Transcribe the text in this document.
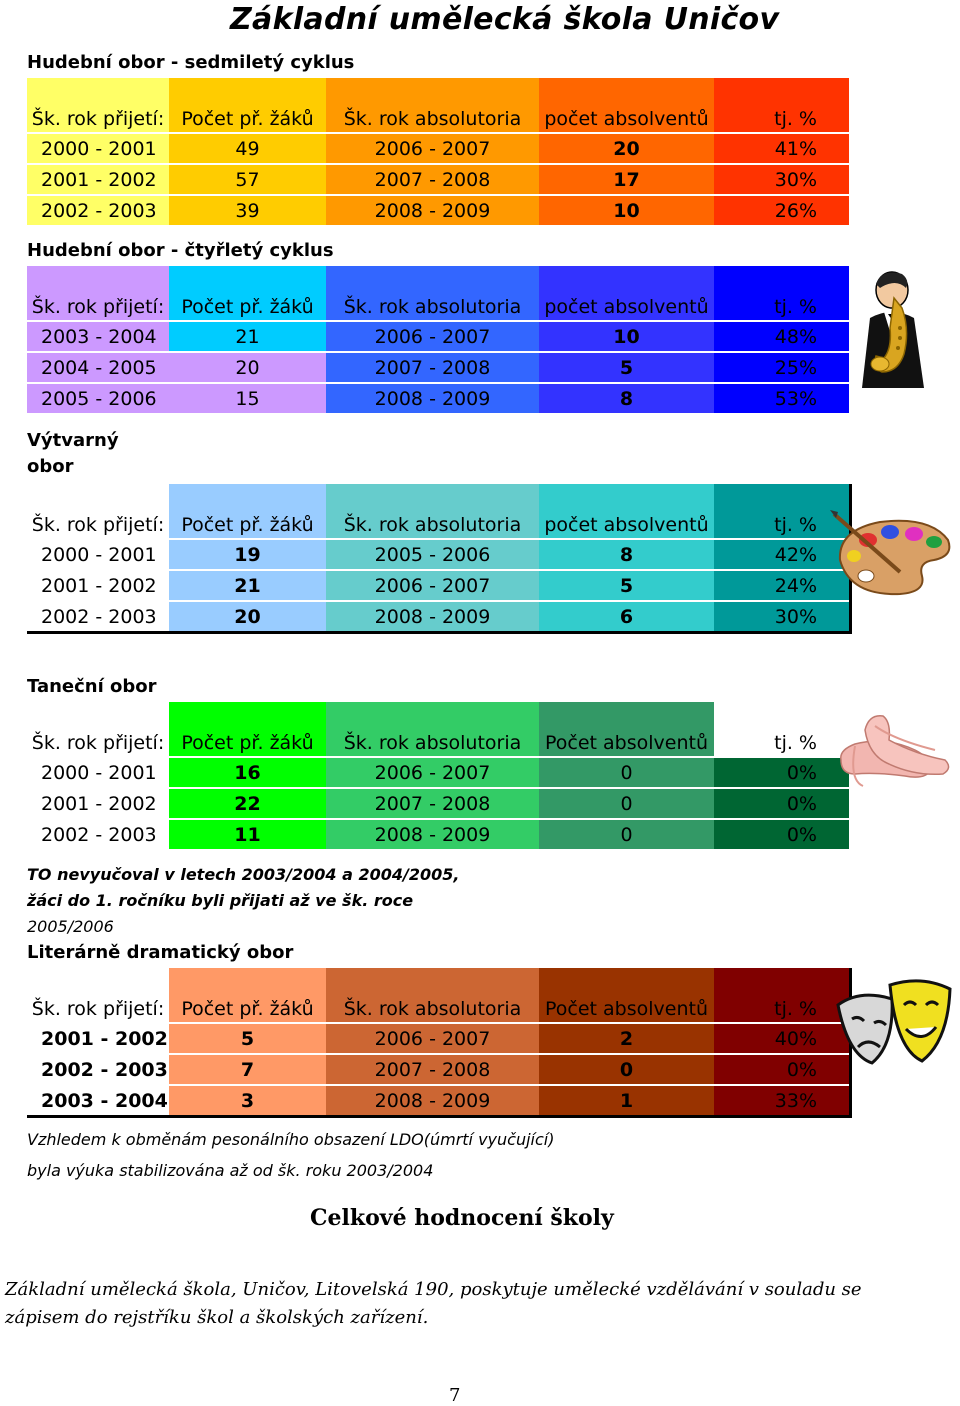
Základní umělecká škola Uničov
Hudební obor - sedmiletý cyklus
Šk. rok přijetí:	Počet př. žáků	Šk. rok absolutoria	počet absolventů	tj. %
2000 - 2001	49	2006 - 2007	20	41%
2001 - 2002	57	2007 - 2008	17	30%
2002 - 2003	39	2008 - 2009	10	26%
Hudební obor - čtyřletý cyklus
Šk. rok přijetí:	Počet př. žáků	Šk. rok absolutoria	počet absolventů	tj. %
2003 - 2004	21	2006 - 2007	10	48%
2004 - 2005	20	2007 - 2008	5	25%
2005 - 2006	15	2008 - 2009	8	53%
Výtvarný
obor
Šk. rok přijetí:	Počet př. žáků	Šk. rok absolutoria	počet absolventů	tj. %
2000 - 2001	19	2005 - 2006	8	42%
2001 - 2002	21	2006 - 2007	5	24%
2002 - 2003	20	2008 - 2009	6	30%
Taneční obor
Šk. rok přijetí:	Počet př. žáků	Šk. rok absolutoria	Počet absolventů	tj. %
2000 - 2001	16	2006 - 2007	0	0%
2001 - 2002	22	2007 - 2008	0	0%
2002 - 2003	11	2008 - 2009	0	0%
TO nevyučoval v letech 2003/2004 a 2004/2005,
žáci do 1. ročníku byli přijati až ve šk. roce
2005/2006
Literárně dramatický obor
Šk. rok přijetí:	Počet př. žáků	Šk. rok absolutoria	Počet absolventů	tj. %
2001 - 2002	5	2006 - 2007	2	40%
2002 - 2003	7	2007 - 2008	0	0%
2003 - 2004	3	2008 - 2009	1	33%
Vzhledem k obměnám pesonálního obsazení LDO(úmrtí vyučující)
byla výuka stabilizována až od šk. roku 2003/2004
Celkové hodnocení školy
Základní umělecká škola, Uničov, Litovelská 190, poskytuje umělecké vzdělávání v souladu se zápisem do rejstříku škol a školských zařízení.
7
